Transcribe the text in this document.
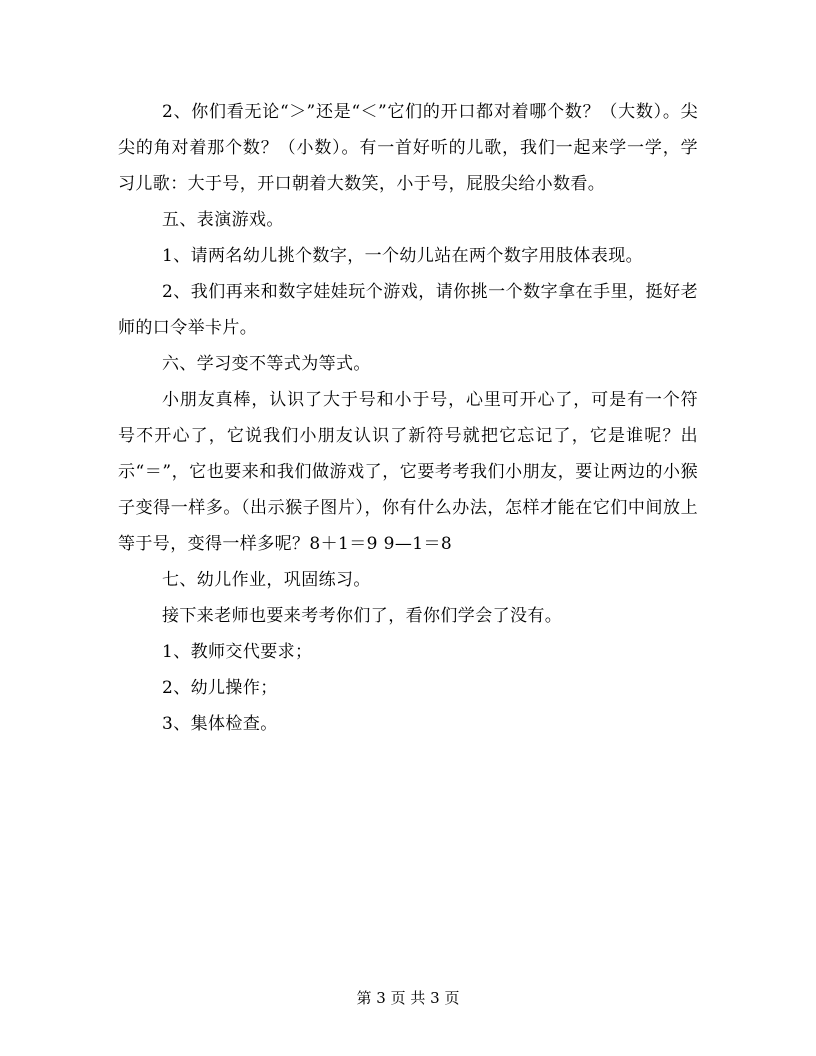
2、你们看无论“＞”还是“＜”它们的开口都对着哪个数？（大数）。尖尖的角对着那个数？（小数）。有一首好听的儿歌，我们一起来学一学，学习儿歌：大于号，开口朝着大数笑，小于号，屁股尖给小数看。

五、表演游戏。

1、请两名幼儿挑个数字，一个幼儿站在两个数字用肢体表现。

2、我们再来和数字娃娃玩个游戏，请你挑一个数字拿在手里，挺好老师的口令举卡片。

六、学习变不等式为等式。

小朋友真棒，认识了大于号和小于号，心里可开心了，可是有一个符号不开心了，它说我们小朋友认识了新符号就把它忘记了，它是谁呢？出示“＝”，它也要来和我们做游戏了，它要考考我们小朋友，要让两边的小猴子变得一样多。（出示猴子图片），你有什么办法，怎样才能在它们中间放上等于号，变得一样多呢？8＋1＝9 9—1＝8

七、幼儿作业，巩固练习。

接下来老师也要来考考你们了，看你们学会了没有。

1、教师交代要求；

2、幼儿操作；

3、集体检查。

第 3 页 共 3 页
